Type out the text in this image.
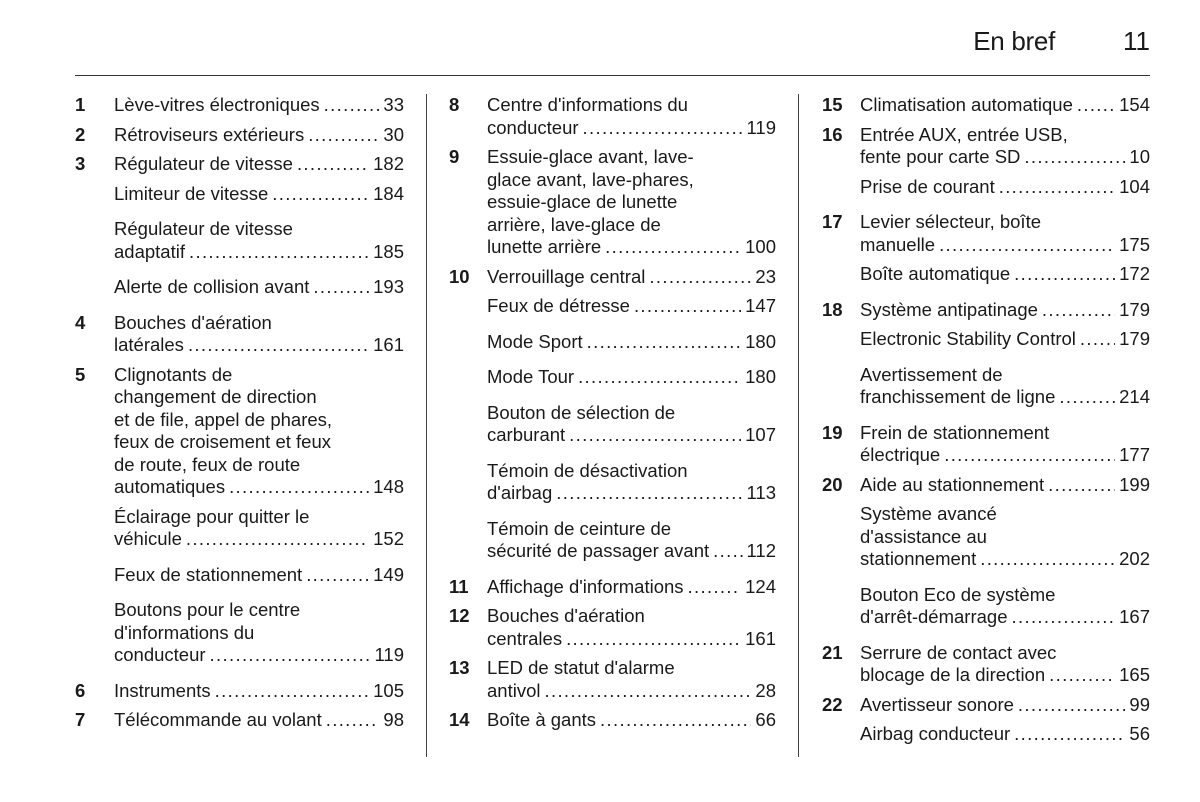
En bref	11
1 Lève-vitres électroniques . . .	33
2 Rétroviseurs extérieurs . . .	30
3 Régulateur de vitesse . . .	182
Limiteur de vitesse . . .	184
Régulateur de vitesse
adaptatif . . .	185
Alerte de collision avant . . .	193
4 Bouches d'aération
latérales . . .	161
5 Clignotants de
changement de direction
et de file, appel de phares,
feux de croisement et feux
de route, feux de route
automatiques . . .	148
Éclairage pour quitter le
véhicule . . .	152
Feux de stationnement . . .	149
Boutons pour le centre
d'informations du
conducteur . . .	119
6 Instruments . . .	105
7 Télécommande au volant . . .	98
8 Centre d'informations du
conducteur . . .	119
9 Essuie-glace avant, lave-
glace avant, lave-phares,
essuie-glace de lunette
arrière, lave-glace de
lunette arrière . . .	100
10 Verrouillage central . . .	23
Feux de détresse . . .	147
Mode Sport . . .	180
Mode Tour . . .	180
Bouton de sélection de
carburant . . .	107
Témoin de désactivation
d'airbag . . .	113
Témoin de ceinture de
sécurité de passager avant . . . 112
11 Affichage d'informations . . .	124
12 Bouches d'aération
centrales . . .	161
13 LED de statut d'alarme
antivol . . .	28
14 Boîte à gants . . .	66
15 Climatisation automatique . . .	154
16 Entrée AUX, entrée USB,
fente pour carte SD . . .	10
Prise de courant . . .	104
17 Levier sélecteur, boîte
manuelle . . .	175
Boîte automatique . . .	172
18 Système antipatinage . . .	179
Electronic Stability Control . . . 179
Avertissement de
franchissement de ligne . . .	214
19 Frein de stationnement
électrique . . .	177
20 Aide au stationnement . . .	199
Système avancé
d'assistance au
stationnement . . .	202
Bouton Eco de système
d'arrêt-démarrage . . .	167
21 Serrure de contact avec
blocage de la direction . . .	165
22 Avertisseur sonore . . .	99
Airbag conducteur . . .	56
